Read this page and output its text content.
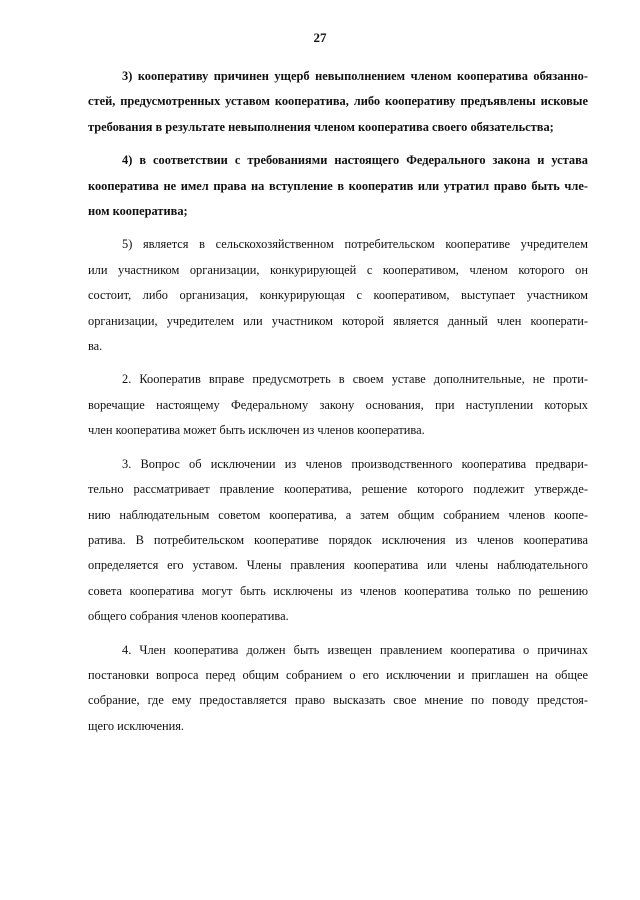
27
3) кооперативу причинен ущерб невыполнением членом кооператива обязанно-
стей, предусмотренных уставом кооператива, либо кооперативу предъявлены исковые
требования в результате невыполнения членом кооператива своего обязательства;
4) в соответствии с требованиями настоящего Федерального закона и устава
кооператива не имел права на вступление в кооператив или утратил право быть чле-
ном кооператива;
5) является в сельскохозяйственном потребительском кооперативе учредителем
или участником организации, конкурирующей с кооперативом, членом которого он
состоит, либо организация, конкурирующая с кооперативом, выступает участником
организации, учредителем или участником которой является данный член кооперати-
ва.
2. Кооператив вправе предусмотреть в своем уставе дополнительные, не проти-
воречащие настоящему Федеральному закону основания, при наступлении которых
член кооператива может быть исключен из членов кооператива.
3. Вопрос об исключении из членов производственного кооператива предвари-
тельно рассматривает правление кооператива, решение которого подлежит утвержде-
нию наблюдательным советом кооператива, а затем общим собранием членов коопе-
ратива. В потребительском кооперативе порядок исключения из членов кооператива
определяется его уставом. Члены правления кооператива или члены наблюдательного
совета кооператива могут быть исключены из членов кооператива только по решению
общего собрания членов кооператива.
4. Член кооператива должен быть извещен правлением кооператива о причинах
постановки вопроса перед общим собранием о его исключении и приглашен на общее
собрание, где ему предоставляется право высказать свое мнение по поводу предстоя-
щего исключения.
